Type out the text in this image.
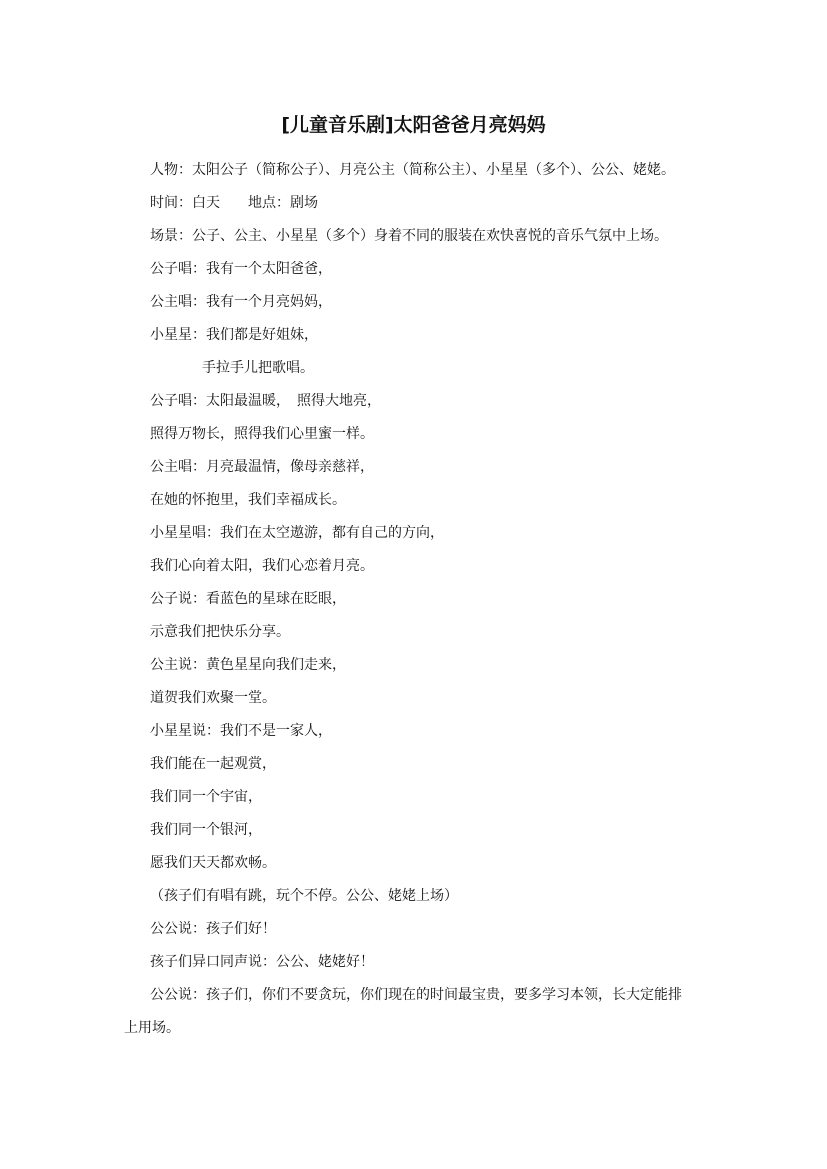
[儿童音乐剧]太阳爸爸月亮妈妈
人物：太阳公子（简称公子）、月亮公主（简称公主）、小星星（多个）、公公、姥姥。
时间：白天　　地点：剧场
场景：公子、公主、小星星（多个）身着不同的服装在欢快喜悦的音乐气氛中上场。
公子唱：我有一个太阳爸爸，
公主唱：我有一个月亮妈妈，
小星星：我们都是好姐妹，
手拉手儿把歌唱。
公子唱：太阳最温暖，　照得大地亮，
照得万物长，照得我们心里蜜一样。
公主唱：月亮最温情，像母亲慈祥，
在她的怀抱里，我们幸福成长。
小星星唱：我们在太空遨游，都有自己的方向，
我们心向着太阳，我们心恋着月亮。
公子说：看蓝色的星球在眨眼，
示意我们把快乐分享。
公主说：黄色星星向我们走来，
道贺我们欢聚一堂。
小星星说：我们不是一家人，
我们能在一起观赏，
我们同一个宇宙，
我们同一个银河，
愿我们天天都欢畅。
（孩子们有唱有跳，玩个不停。公公、姥姥上场）
公公说：孩子们好！
孩子们异口同声说：公公、姥姥好！
公公说：孩子们，你们不要贪玩，你们现在的时间最宝贵，要多学习本领，长大定能排
上用场。
